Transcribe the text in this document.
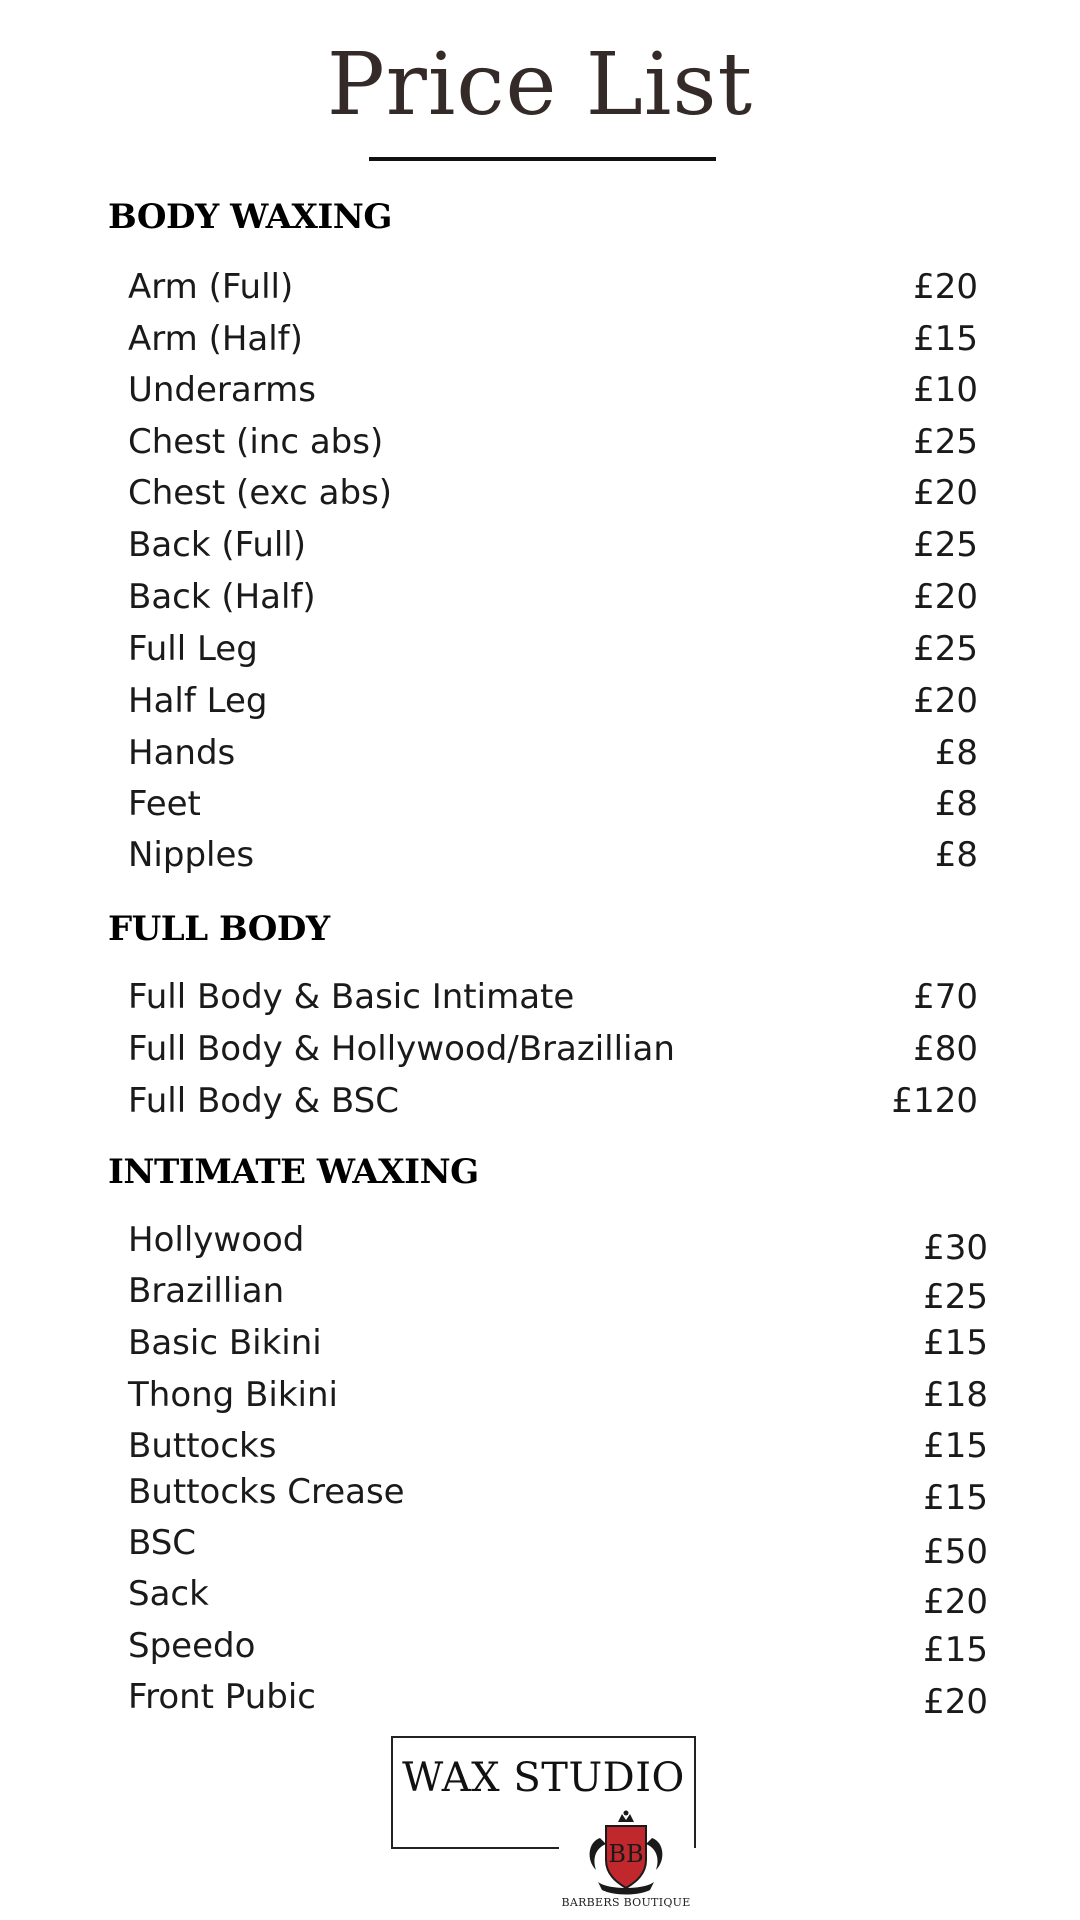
Price List
BODY WAXING
Arm (Full)	£20
Arm (Half)	£15
Underarms	£10
Chest (inc abs)	£25
Chest (exc abs)	£20
Back (Full)	£25
Back (Half)	£20
Full Leg	£25
Half Leg	£20
Hands	£8
Feet	£8
Nipples	£8
FULL BODY
Full Body & Basic Intimate	£70
Full Body & Hollywood/Brazillian	£80
Full Body & BSC	£120
INTIMATE WAXING
Hollywood	£30
Brazillian	£25
Basic Bikini	£15
Thong Bikini	£18
Buttocks	£15
Buttocks Crease	£15
BSC	£50
Sack	£20
Speedo	£15
Front Pubic	£20
WAX STUDIO
BB
BARBERS BOUTIQUE
